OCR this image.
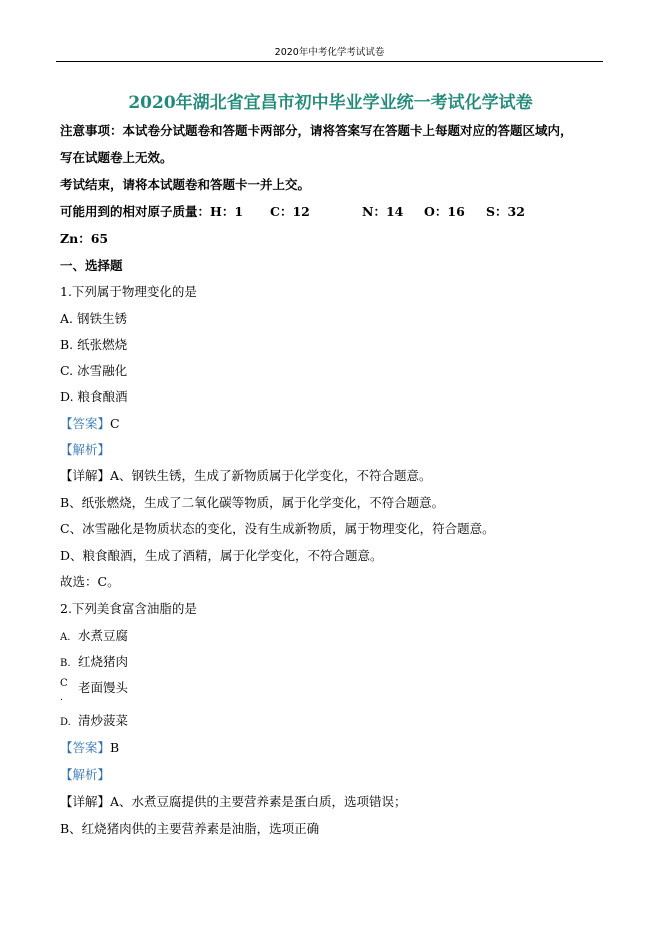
2020年中考化学考试试卷
2020年湖北省宜昌市初中毕业学业统一考试化学试卷
注意事项：本试卷分试题卷和答题卡两部分，请将答案写在答题卡上每题对应的答题区域内，
写在试题卷上无效。
考试结束，请将本试题卷和答题卡一并上交。
可能用到的相对原子质量：H：1 C：12	N：14 O：16 S：32
Zn：65
一、选择题
1.下列属于物理变化的是
A. 钢铁生锈
B. 纸张燃烧
C. 冰雪融化
D. 粮食酿酒
【答案】C
【解析】
【详解】A、钢铁生锈，生成了新物质属于化学变化，不符合题意。
B、纸张燃烧，生成了二氧化碳等物质，属于化学变化，不符合题意。
C、冰雪融化是物质状态的变化，没有生成新物质，属于物理变化，符合题意。
D、粮食酿酒，生成了酒精，属于化学变化，不符合题意。
故选：C。
2.下列美食富含油脂的是
A. 水煮豆腐
B. 红烧猪肉
C 老面馒头
.
D. 清炒菠菜
【答案】B
【解析】
【详解】A、水煮豆腐提供的主要营养素是蛋白质，选项错误；
B、红烧猪肉供的主要营养素是油脂，选项正确
